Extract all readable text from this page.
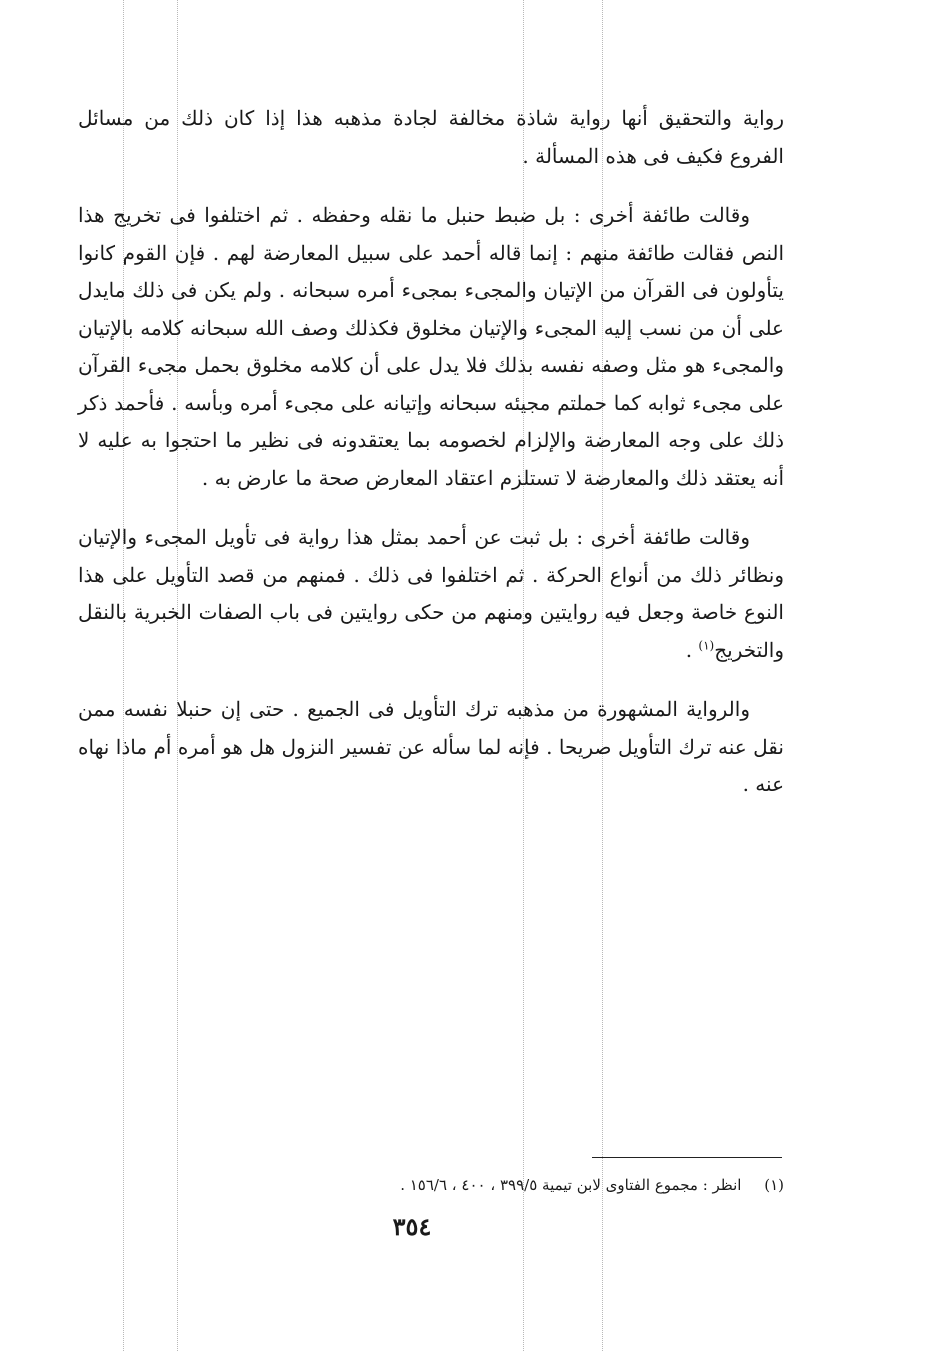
رواية والتحقيق أنها رواية شاذة مخالفة لجادة مذهبه هذا إذا كان ذلك من مسائل الفروع فكيف فى هذه المسألة .

وقالت طائفة أخرى : بل ضبط حنبل ما نقله وحفظه . ثم اختلفوا فى تخريج هذا النص فقالت طائفة منهم : إنما قاله أحمد على سبيل المعارضة لهم . فإن القوم كانوا يتأولون فى القرآن من الإتيان والمجىء بمجىء أمره سبحانه . ولم يكن فى ذلك مايدل على أن من نسب إليه المجىء والإتيان مخلوق فكذلك وصف الله سبحانه كلامه بالإتيان والمجىء هو مثل وصفه نفسه بذلك فلا يدل على أن كلامه مخلوق بحمل مجىء القرآن على مجىء ثوابه كما حملتم مجيئه سبحانه وإتيانه على مجىء أمره وبأسه . فأحمد ذكر ذلك على وجه المعارضة والإلزام لخصومه بما يعتقدونه فى نظير ما احتجوا به عليه لا أنه يعتقد ذلك والمعارضة لا تستلزم اعتقاد المعارض صحة ما عارض به .

وقالت طائفة أخرى : بل ثبت عن أحمد بمثل هذا رواية فى تأويل المجىء والإتيان ونظائر ذلك من أنواع الحركة . ثم اختلفوا فى ذلك . فمنهم من قصد التأويل على هذا النوع خاصة وجعل فيه روايتين ومنهم من حكى روايتين فى باب الصفات الخبرية بالنقل والتخريج$^{(١)}$ .

والرواية المشهورة من مذهبه ترك التأويل فى الجميع . حتى إن حنبلا نفسه ممن نقل عنه ترك التأويل صريحا . فإنه لما سأله عن تفسير النزول هل هو أمره أم ماذا نهاه عنه .

(١) انظر : مجموع الفتاوى لابن تيمية ٣٩٩/٥ ، ٤٠٠ ، ١٥٦/٦ .
٣٥٤
